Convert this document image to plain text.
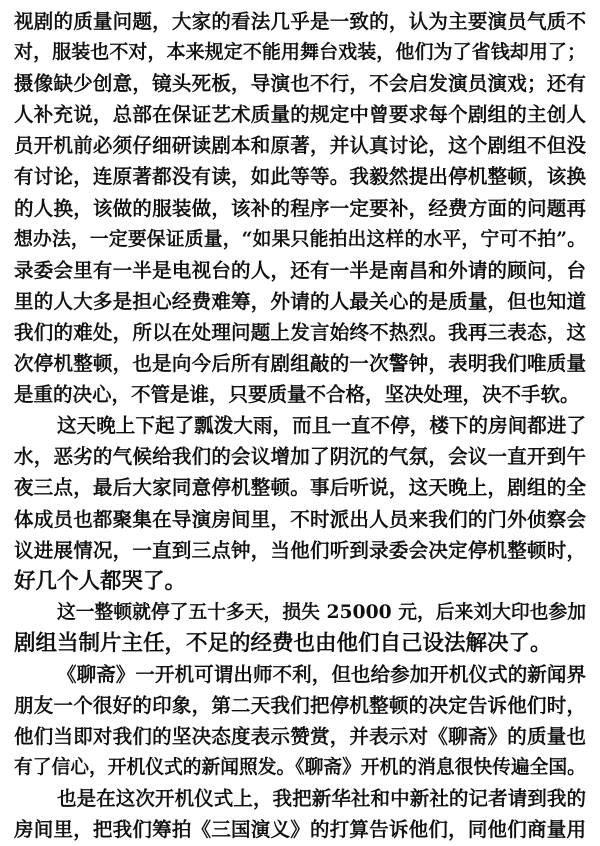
视剧的质量问题，大家的看法几乎是一致的，认为主要演员气质不
对，服装也不对，本来规定不能用舞台戏装，他们为了省钱却用了；
摄像缺少创意，镜头死板，导演也不行，不会启发演员演戏；还有
人补充说，总部在保证艺术质量的规定中曾要求每个剧组的主创人
员开机前必须仔细研读剧本和原著，并认真讨论，这个剧组不但没
有讨论，连原著都没有读，如此等等。我毅然提出停机整顿，该换
的人换，该做的服装做，该补的程序一定要补，经费方面的问题再
想办法，一定要保证质量，“如果只能拍出这样的水平，宁可不拍”。
录委会里有一半是电视台的人，还有一半是南昌和外请的顾问，台
里的人大多是担心经费难筹，外请的人最关心的是质量，但也知道
我们的难处，所以在处理问题上发言始终不热烈。我再三表态，这
次停机整顿，也是向今后所有剧组敲的一次警钟，表明我们唯质量
是重的决心，不管是谁，只要质量不合格，坚决处理，决不手软。
这天晚上下起了瓢泼大雨，而且一直不停，楼下的房间都进了
水，恶劣的气候给我们的会议增加了阴沉的气氛，会议一直开到午
夜三点，最后大家同意停机整顿。事后听说，这天晚上，剧组的全
体成员也都聚集在导演房间里，不时派出人员来我们的门外侦察会
议进展情况，一直到三点钟，当他们听到录委会决定停机整顿时，
好几个人都哭了。
这一整顿就停了五十多天，损失 25000 元，后来刘大印也参加
剧组当制片主任，不足的经费也由他们自己设法解决了。
《聊斋》一开机可谓出师不利，但也给参加开机仪式的新闻界
朋友一个很好的印象，第二天我们把停机整顿的决定告诉他们时，
他们当即对我们的坚决态度表示赞赏，并表示对《聊斋》的质量也
有了信心，开机仪式的新闻照发。《聊斋》开机的消息很快传遍全国。
也是在这次开机仪式上，我把新华社和中新社的记者请到我的
房间里，把我们筹拍《三国演义》的打算告诉他们，同他们商量用
